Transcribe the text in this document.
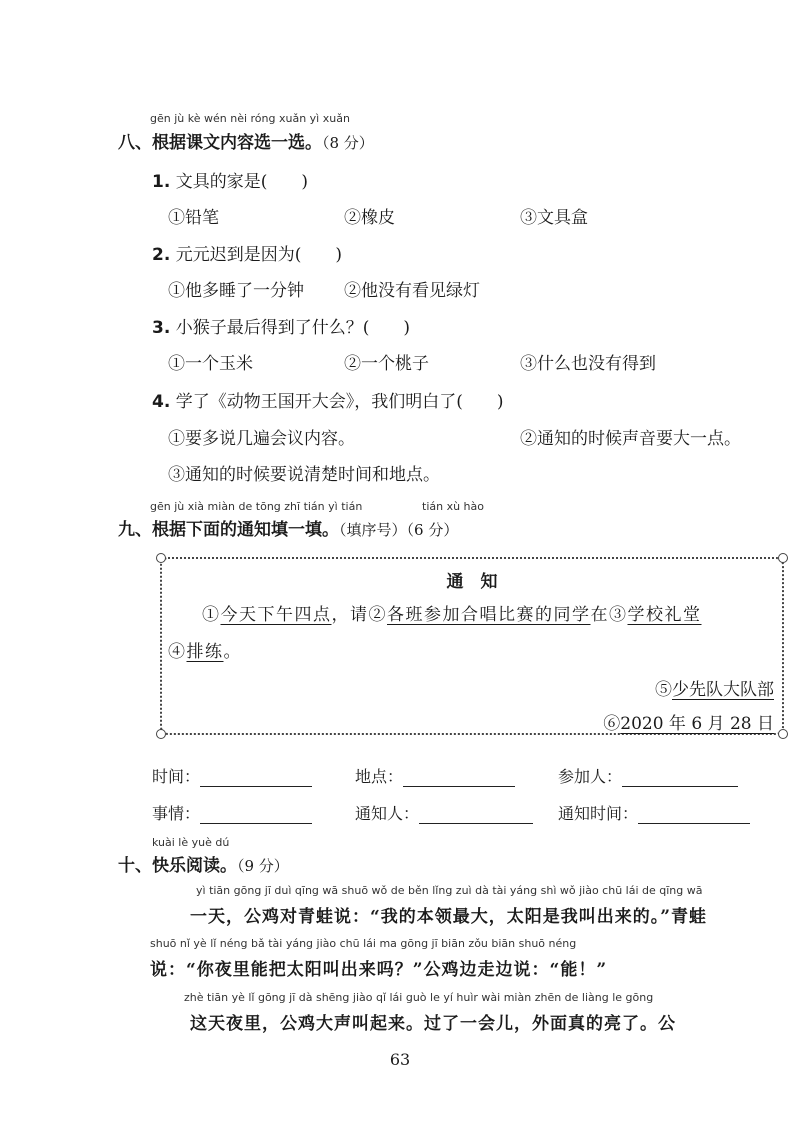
gēn jù kè wén nèi róng xuǎn yì xuǎn
八、根据课文内容选一选。（8 分）
1. 文具的家是(　　)
①铅笔	②橡皮	③文具盒
2. 元元迟到是因为(　　)
①他多睡了一分钟 ②他没有看见绿灯
3. 小猴子最后得到了什么？(　　)
①一个玉米	②一个桃子	③什么也没有得到
4. 学了《动物王国开大会》，我们明白了(　　)
①要多说几遍会议内容。	②通知的时候声音要大一点。
③通知的时候要说清楚时间和地点。
gēn jù xià miàn de tōng zhī tián yì tián	tián xù hào
九、根据下面的通知填一填。（填序号）（6 分）
通　知
①今天下午四点，请②各班参加合唱比赛的同学在③学校礼堂
④排练。
⑤少先队大队部
⑥2020 年 6 月 28 日
时间：	地点：	参加人：
事情：	通知人：	通知时间：
kuài lè yuè dú
十、快乐阅读。（9 分）
yì tiān gōng jī duì qīng wā shuō wǒ de běn lǐng zuì dà tài yáng shì wǒ jiào chū lái de qīng wā
一天，公鸡对青蛙说：“我的本领最大，太阳是我叫出来的。”青蛙
shuō nǐ yè lǐ néng bǎ tài yáng jiào chū lái ma gōng jī biān zǒu biān shuō néng
说：“你夜里能把太阳叫出来吗？”公鸡边走边说：“能！”
zhè tiān yè lǐ gōng jī dà shēng jiào qǐ lái guò le yí huìr wài miàn zhēn de liàng le gōng
这天夜里，公鸡大声叫起来。过了一会儿，外面真的亮了。公
63
